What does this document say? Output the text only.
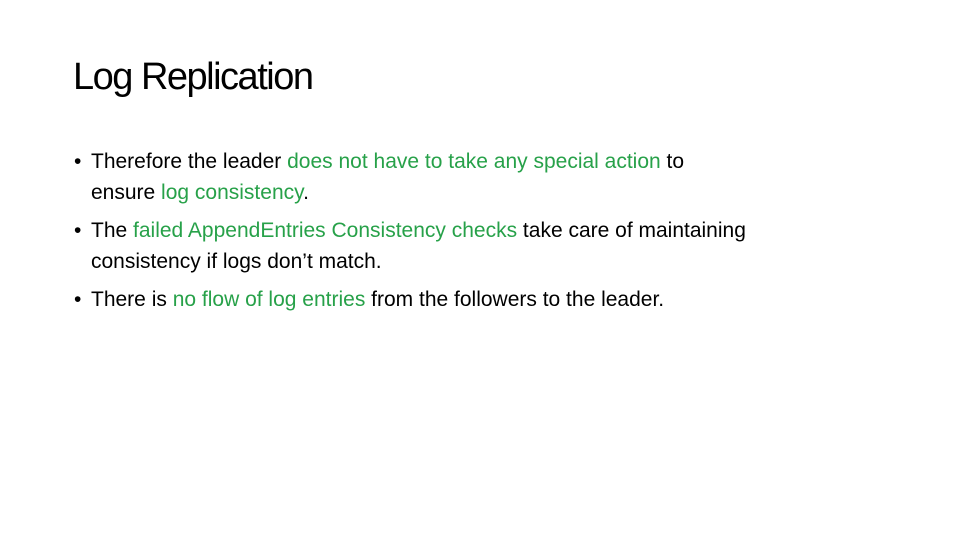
Log Replication
• Therefore the leader does not have to take any special action to
ensure log consistency.
• The failed AppendEntries Consistency checks take care of maintaining
consistency if logs don’t match.
• There is no flow of log entries from the followers to the leader.
